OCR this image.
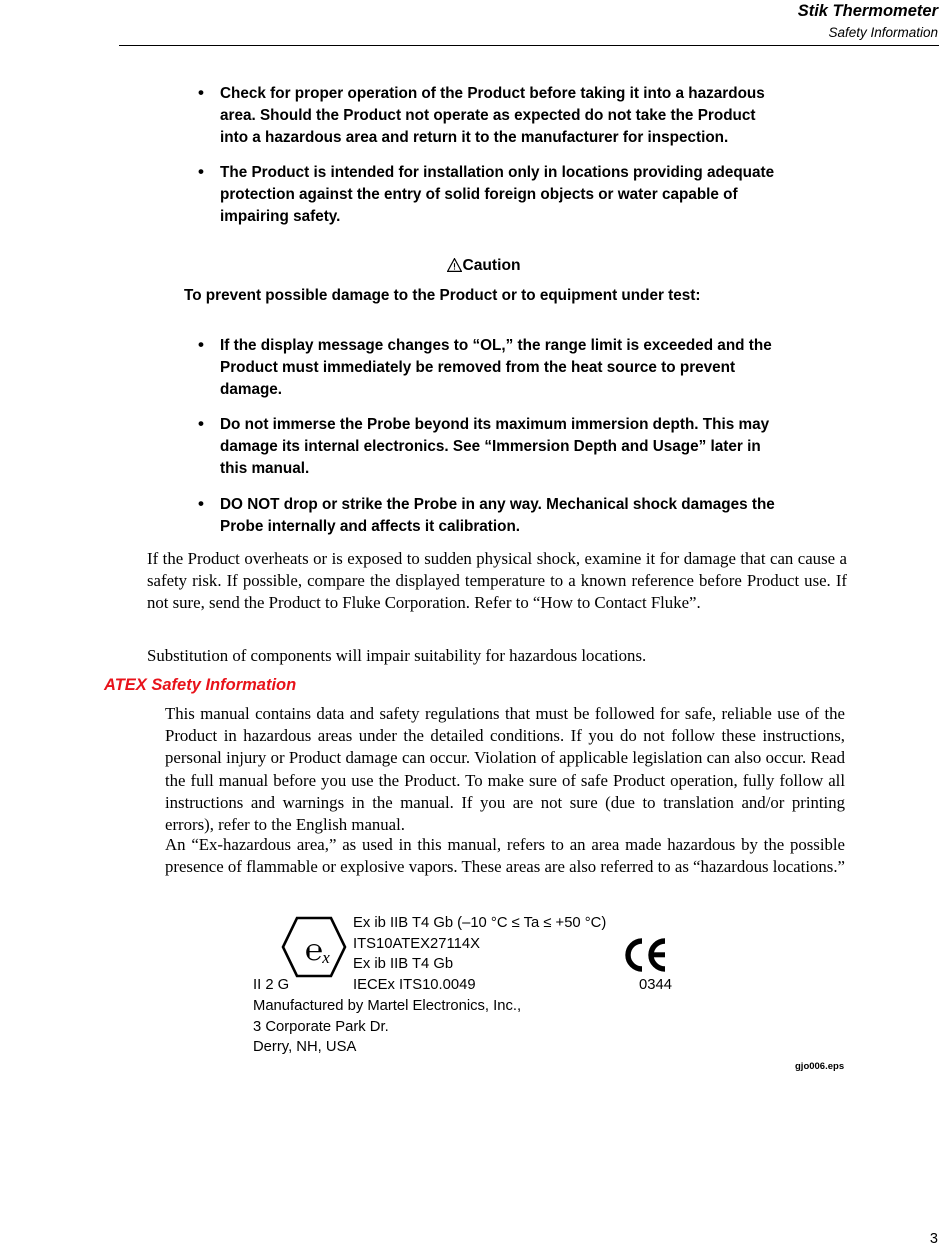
Stik Thermometer
Safety Information
• Check for proper operation of the Product before taking it into a hazardous area. Should the Product not operate as expected do not take the Product into a hazardous area and return it to the manufacturer for inspection.
• The Product is intended for installation only in locations providing adequate protection against the entry of solid foreign objects or water capable of impairing safety.
Caution
To prevent possible damage to the Product or to equipment under test:
• If the display message changes to “OL,” the range limit is exceeded and the Product must immediately be removed from the heat source to prevent damage.
• Do not immerse the Probe beyond its maximum immersion depth. This may damage its internal electronics. See “Immersion Depth and Usage” later in this manual.
• DO NOT drop or strike the Probe in any way. Mechanical shock damages the Probe internally and affects it calibration.
If the Product overheats or is exposed to sudden physical shock, examine it for damage that can cause a safety risk. If possible, compare the displayed temperature to a known reference before Product use. If not sure, send the Product to Fluke Corporation. Refer to “How to Contact Fluke”.
Substitution of components will impair suitability for hazardous locations.
ATEX Safety Information
This manual contains data and safety regulations that must be followed for safe, reliable use of the Product in hazardous areas under the detailed conditions. If you do not follow these instructions, personal injury or Product damage can occur. Violation of applicable legislation can also occur. Read the full manual before you use the Product. To make sure of safe Product operation, fully follow all instructions and warnings in the manual. If you are not sure (due to translation and/or printing errors), refer to the English manual.
An “Ex-hazardous area,” as used in this manual, refers to an area made hazardous by the possible presence of flammable or explosive vapors. These areas are also referred to as “hazardous locations.”
℮ x
Ex ib IIB T4 Gb (–10 °C ≤ Ta ≤ +50 °C)
ITS10ATEX27114X
Ex ib IIB T4 Gb
IECEx ITS10.0049
II 2 G	0344
Manufactured by Martel Electronics, Inc.,
3 Corporate Park Dr.
Derry, NH, USA
gjo006.eps
3
